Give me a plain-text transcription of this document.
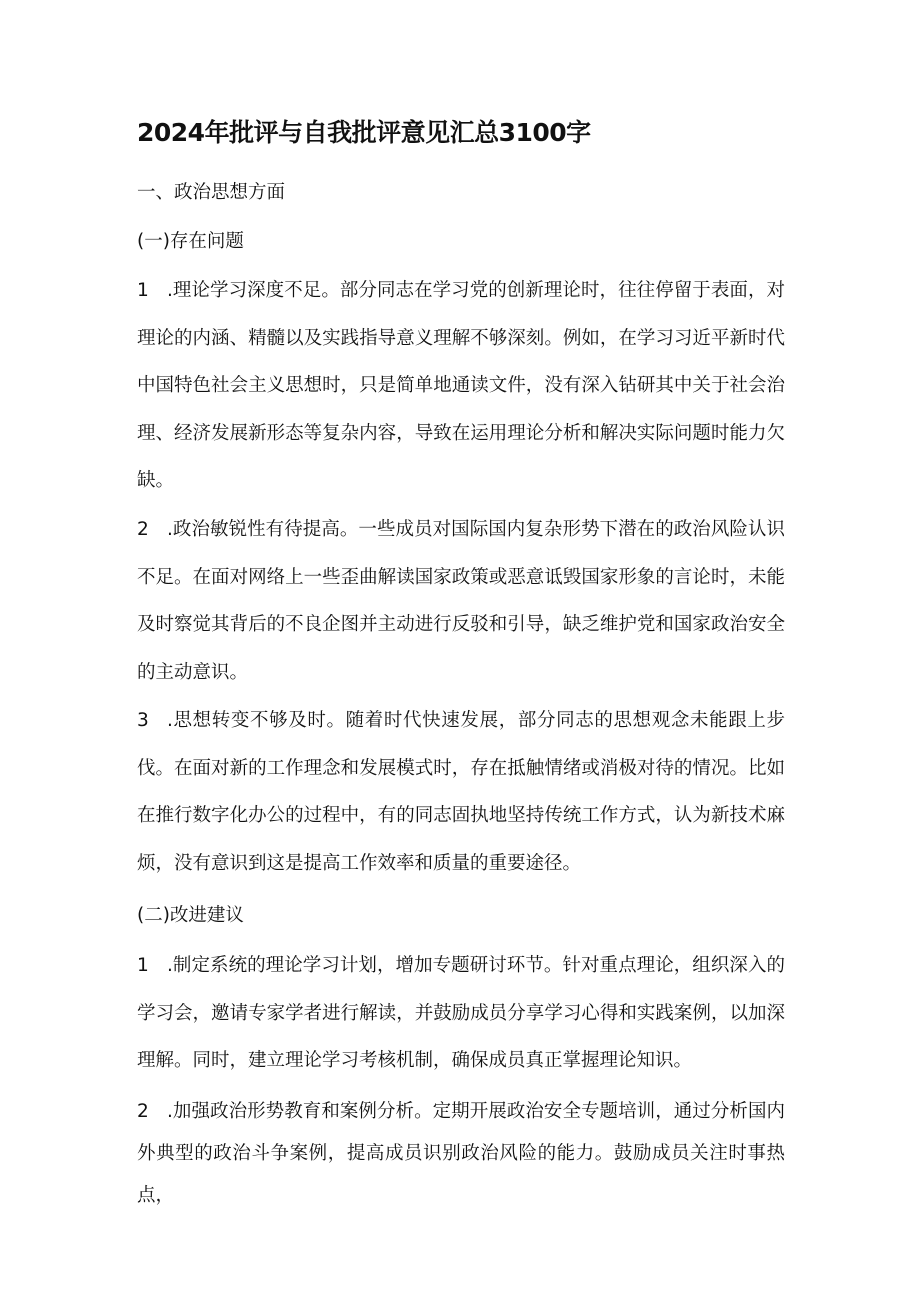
2024年批评与自我批评意见汇总3100字
一、政治思想方面
(一)存在问题

1 .理论学习深度不足。部分同志在学习党的创新理论时，往往停留于表面，对理论的内涵、精髓以及实践指导意义理解不够深刻。例如，在学习习近平新时代中国特色社会主义思想时，只是简单地通读文件，没有深入钻研其中关于社会治理、经济发展新形态等复杂内容，导致在运用理论分析和解决实际问题时能力欠缺。

2 .政治敏锐性有待提高。一些成员对国际国内复杂形势下潜在的政治风险认识不足。在面对网络上一些歪曲解读国家政策或恶意诋毁国家形象的言论时，未能及时察觉其背后的不良企图并主动进行反驳和引导，缺乏维护党和国家政治安全的主动意识。

3 .思想转变不够及时。随着时代快速发展，部分同志的思想观念未能跟上步伐。在面对新的工作理念和发展模式时，存在抵触情绪或消极对待的情况。比如在推行数字化办公的过程中，有的同志固执地坚持传统工作方式，认为新技术麻烦，没有意识到这是提高工作效率和质量的重要途径。

(二)改进建议

1 .制定系统的理论学习计划，增加专题研讨环节。针对重点理论，组织深入的学习会，邀请专家学者进行解读，并鼓励成员分享学习心得和实践案例，以加深理解。同时，建立理论学习考核机制，确保成员真正掌握理论知识。

2 .加强政治形势教育和案例分析。定期开展政治安全专题培训，通过分析国内外典型的政治斗争案例，提高成员识别政治风险的能力。鼓励成员关注时事热点，
